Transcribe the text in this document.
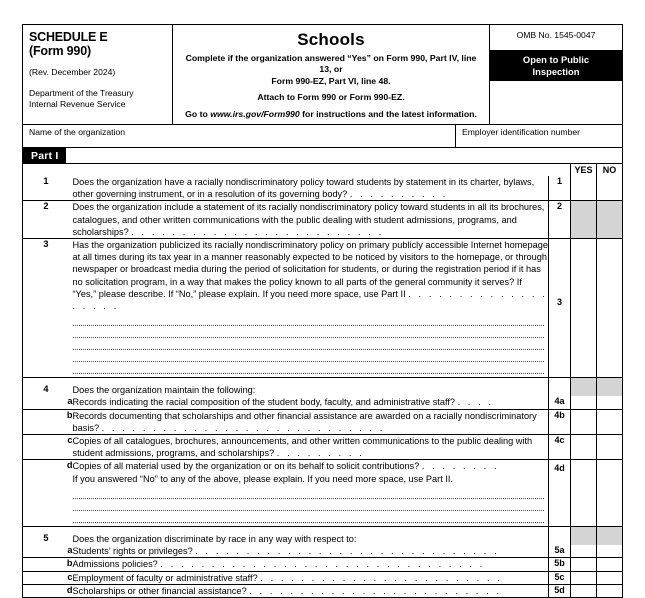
SCHEDULE E
(Form 990)
(Rev. December 2024)
Department of the Treasury
Internal Revenue Service
Schools
Complete if the organization answered “Yes” on Form 990, Part IV, line 13, or
Form 990-EZ, Part VI, line 48.
Attach to Form 990 or Form 990-EZ.
Go to www.irs.gov/Form990 for instructions and the latest information.
OMB No. 1545-0047
Open to Public
Inspection
Name of the organization	Employer identification number
Part I
YES	NO
1		Does the organization have a racially nondiscriminatory policy toward students by statement in its charter, bylaws, other governing instrument, or in a resolution of its governing body? . . . . . . . . . .	1		
2		Does the organization include a statement of its racially nondiscriminatory policy toward students in all its brochures, catalogues, and other written communications with the public dealing with student admissions, programs, and scholarships? . . . . . . . . . . . . . . . . . . . . . . . . .	2		
3		Has the organization publicized its racially nondiscriminatory policy on primary publicly accessible Internet homepage at all times during its tax year in a manner reasonably expected to be noticed by visitors to the homepage, or through newspaper or broadcast media during the period of solicitation for students, or during the registration period if it has no solicitation program, in a way that makes the policy known to all parts of the general community it serves? If “Yes,” please describe. If “No,” please explain. If you need more space, use Part II . . . . . . . . . . . . . . . . . . .	3		
4		Does the organization maintain the following:			
	a	Records indicating the racial composition of the student body, faculty, and administrative staff? . . . .	4a		
	b	Records documenting that scholarships and other financial assistance are awarded on a racially nondiscriminatory basis? . . . . . . . . . . . . . . . . . . . . . . . . . . . .	4b		
	c	Copies of all catalogues, brochures, announcements, and other written communications to the public dealing with student admissions, programs, and scholarships? . . . . . . . . .	4c		
	d	Copies of all material used by the organization or on its behalf to solicit contributions? . . . . . . . .
If you answered “No” to any of the above, please explain. If you need more space, use Part II.	4d		
5		Does the organization discriminate by race in any way with respect to:			
	a	Students’ rights or privileges? . . . . . . . . . . . . . . . . . . . . . . . . . . . . . .	5a		
	b	Admissions policies? . . . . . . . . . . . . . . . . . . . . . . . . . . . . . . . .	5b		
	c	Employment of faculty or administrative staff? . . . . . . . . . . . . . . . . . . . . . . . .	5c		
	d	Scholarships or other financial assistance? . . . . . . . . . . . . . . . . . . . . . . . . .	5d		
